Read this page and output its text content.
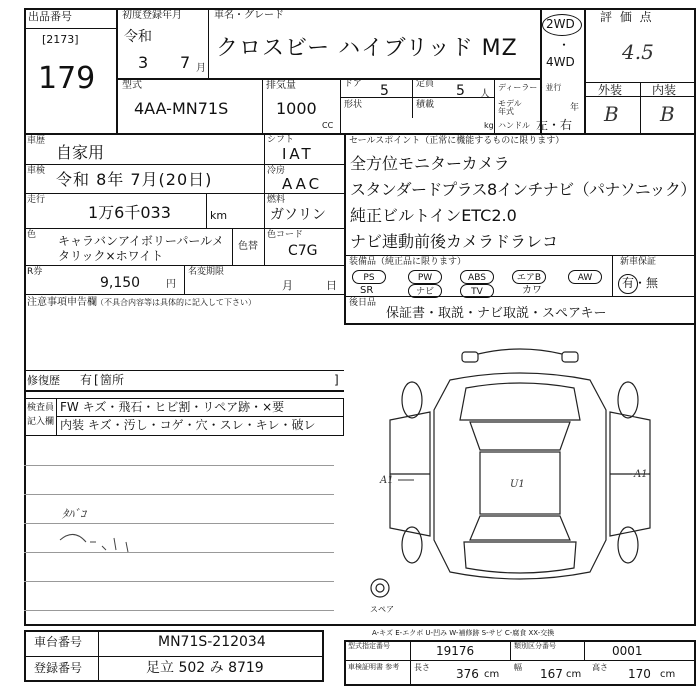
出品番号
[2173]
179
初度登録年月
令和
3 7 月
車名・グレード
クロスビー ハイブリッド MZ
2WD
・
4WD
評 価 点
4.5
外装 内装
B B
型式
4AA-MN71S
排気量
1000
CC
ドア 5	定員 5 人
形状	積載
kg
ディーラー・並行
モデル 年式	年
ハンドル 左・右
車歴
自家用
車検 令和 8年 7月(20日)
走行
1万6千033	km
色 キャラバンアイボリーパールメタリック×ホワイト
色替
R券
9,150	円
名変期限
月	日
シフト
IAT
冷房
AAC
燃料
ガソリン
色コード
C7G
セールスポイント（正常に機能するものに限ります）
全方位モニターカメラ
スタンダードプラス8インチナビ（パナソニック）
純正ビルトインETC2.0
ナビ連動前後カメラドラレコ
装備品（純正品に限ります）	新車保証
有・無
PS	PW	ABS	エアB	AW
SR	ナビ	TV	カワ
後日品
保証書・取説・ナビ取説・スペアキー
注意事項申告欄 （不具合内容等は具体的に記入して下さい）
修復歴 有 [ 箇所	]
検査員
記入欄
FW キズ・飛石・ヒビ割・リペア跡・×要
内装 キズ・汚し・コゲ・穴・スレ・キレ・破レ
ﾀﾊﾞｺ
A1	U1
A1
スペア
A-キズ E-エクボ U-凹み W-補修跡 S-サビ C-腐食 XX-交換
車台番号	MN71S-212034
登録番号	足立 502 み 8719
型式指定番号	19176	類別区分番号	0001
車検証明書 参考	長さ 376 cm
幅 167 cm
高さ 170 cm
